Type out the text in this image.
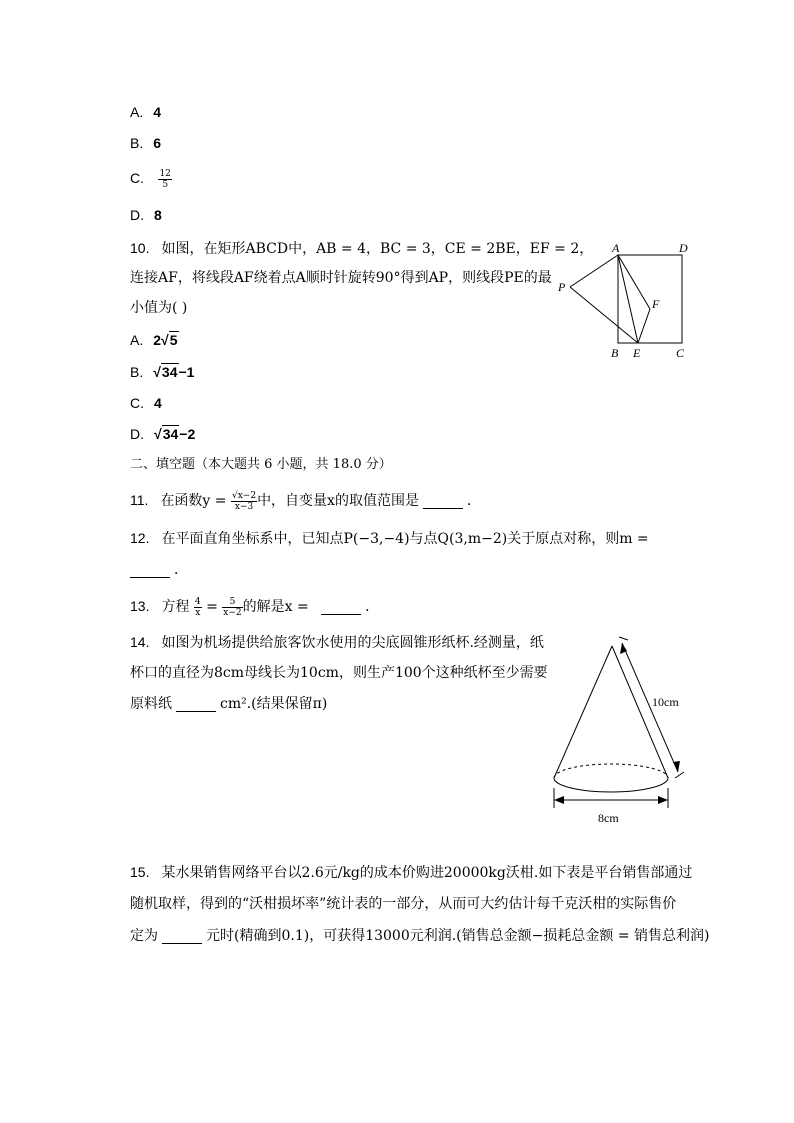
A. 4
B. 6
C. $\frac{12}{5}$
D. 8
10. 如图，在矩形ABCD中，AB = 4，BC = 3，CE = 2BE，EF = 2，
连接AF，将线段AF绕着点A顺时针旋转90°得到AP，则线段PE的最
小值为( )
A. 2√5
B. √34−1
C. 4
D. √34−2
A	D
P
F
B E	C
二、填空题（本大题共 6 小题，共 18.0 分）
11. 在函数$y = \frac{√x-2}{x-3}$ 中，自变量x的取值范围是	．
12. 在平面直角坐标系中，已知点P(−3,−4)与点Q(3,m−2)关于原点对称，则m =
．
13. 方程 $\frac{4}{x} = \frac{5}{x-2}$ 的解是x =	．
14. 如图为机场提供给旅客饮水使用的尖底圆锥形纸杯.经测量，纸
杯口的直径为8cm母线长为10cm，则生产100个这种纸杯至少需要
原料纸	cm².(结果保留π)	10cm
8cm
15. 某水果销售网络平台以2.6元/kg的成本价购进20000kg沃柑.如下表是平台销售部通过
随机取样，得到的“沃柑损坏率”统计表的一部分，从而可大约估计每千克沃柑的实际售价
定为	元时(精确到0.1)，可获得13000元利润.(销售总金额−损耗总金额 = 销售总利润)
